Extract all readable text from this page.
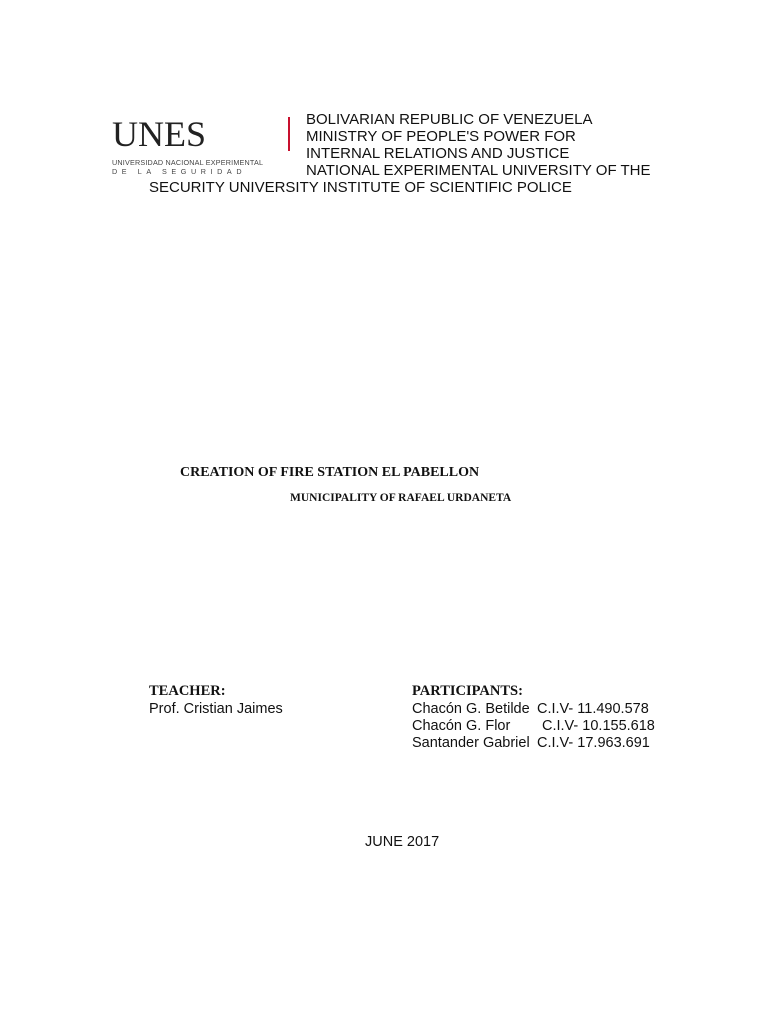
UNES
UNIVERSIDAD NACIONAL EXPERIMENTAL
DE LA SEGURIDAD
BOLIVARIAN REPUBLIC OF VENEZUELA
MINISTRY OF PEOPLE'S POWER FOR
INTERNAL RELATIONS AND JUSTICE
NATIONAL EXPERIMENTAL UNIVERSITY OF THE
SECURITY UNIVERSITY INSTITUTE OF SCIENTIFIC POLICE
CREATION OF FIRE STATION EL PABELLON
MUNICIPALITY OF RAFAEL URDANETA
TEACHER:
Prof. Cristian Jaimes
PARTICIPANTS:
Chacón G. Betilde C.I.V- 11.490.578
Chacón G. Flor C.I.V- 10.155.618
Santander Gabriel C.I.V- 17.963.691
JUNE 2017
